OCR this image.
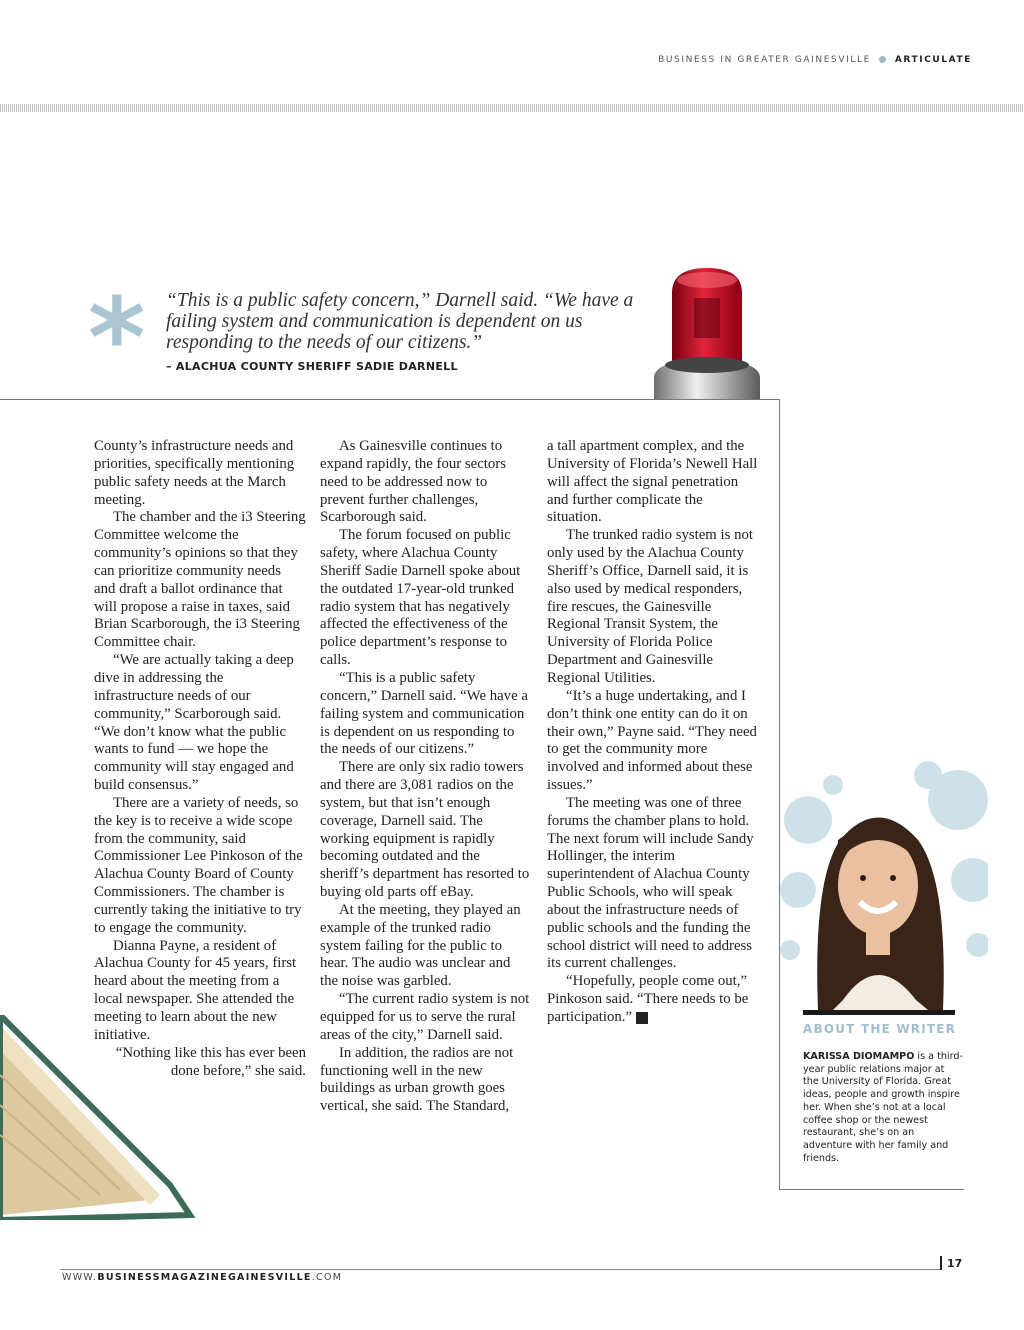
BUSINESS IN GREATER GAINESVILLE	ARTICULATE
* “This is a public safety concern,” Darnell said. “We have a failing system and communication is dependent on us responding to the needs of our citizens.”

– ALACHUA COUNTY SHERIFF SADIE DARNELL

County’s infrastructure needs and priorities, specifically mentioning public safety needs at the March meeting.

The chamber and the i3 Steering Committee welcome the community’s opinions so that they can prioritize community needs and draft a ballot ordinance that will propose a raise in taxes, said Brian Scarborough, the i3 Steering Committee chair.

“We are actually taking a deep dive in addressing the infrastructure needs of our community,” Scarborough said. “We don’t know what the public wants to fund — we hope the community will stay engaged and build consensus.”

There are a variety of needs, so the key is to receive a wide scope from the community, said Commissioner Lee Pinkoson of the Alachua County Board of County Commissioners. The chamber is currently taking the initiative to try to engage the community.

Dianna Payne, a resident of Alachua County for 45 years, first heard about the meeting from a local newspaper. She attended the meeting to learn about the new initiative.

“Nothing like this has ever been done before,” she said.

As Gainesville continues to expand rapidly, the four sectors need to be addressed now to prevent further challenges, Scarborough said.

The forum focused on public safety, where Alachua County Sheriff Sadie Darnell spoke about the outdated 17-year-old trunked radio system that has negatively affected the effectiveness of the police department’s response to calls.

“This is a public safety concern,” Darnell said. “We have a failing system and communication is dependent on us responding to the needs of our citizens.”

There are only six radio towers and there are 3,081 radios on the system, but that isn’t enough coverage, Darnell said. The working equipment is rapidly becoming outdated and the sheriff’s department has resorted to buying old parts off eBay.

At the meeting, they played an example of the trunked radio system failing for the public to hear. The audio was unclear and the noise was garbled.

“The current radio system is not equipped for us to serve the rural areas of the city,” Darnell said.

In addition, the radios are not functioning well in the new buildings as urban growth goes vertical, she said. The Standard,

a tall apartment complex, and the University of Florida’s Newell Hall will affect the signal penetration and further complicate the situation.

The trunked radio system is not only used by the Alachua County Sheriff’s Office, Darnell said, it is also used by medical responders, fire rescues, the Gainesville Regional Transit System, the University of Florida Police Department and Gainesville Regional Utilities.

“It’s a huge undertaking, and I don’t think one entity can do it on their own,” Payne said. “They need to get the community more involved and informed about these issues.”

The meeting was one of three forums the chamber plans to hold. The next forum will include Sandy Hollinger, the interim superintendent of Alachua County Public Schools, who will speak about the infrastructure needs of public schools and the funding the school district will need to address its current challenges.

“Hopefully, people come out,” Pinkoson said. “There needs to be participation.”	B

ABOUT THE WRITER

KARISSA DIOMAMPO is a third-year public relations major at the University of Florida. Great ideas, people and growth inspire her. When she’s not at a local coffee shop or the newest restaurant, she’s on an adventure with her family and friends.

17
WWW.BUSINESSMAGAZINEGAINESVILLE.COM
